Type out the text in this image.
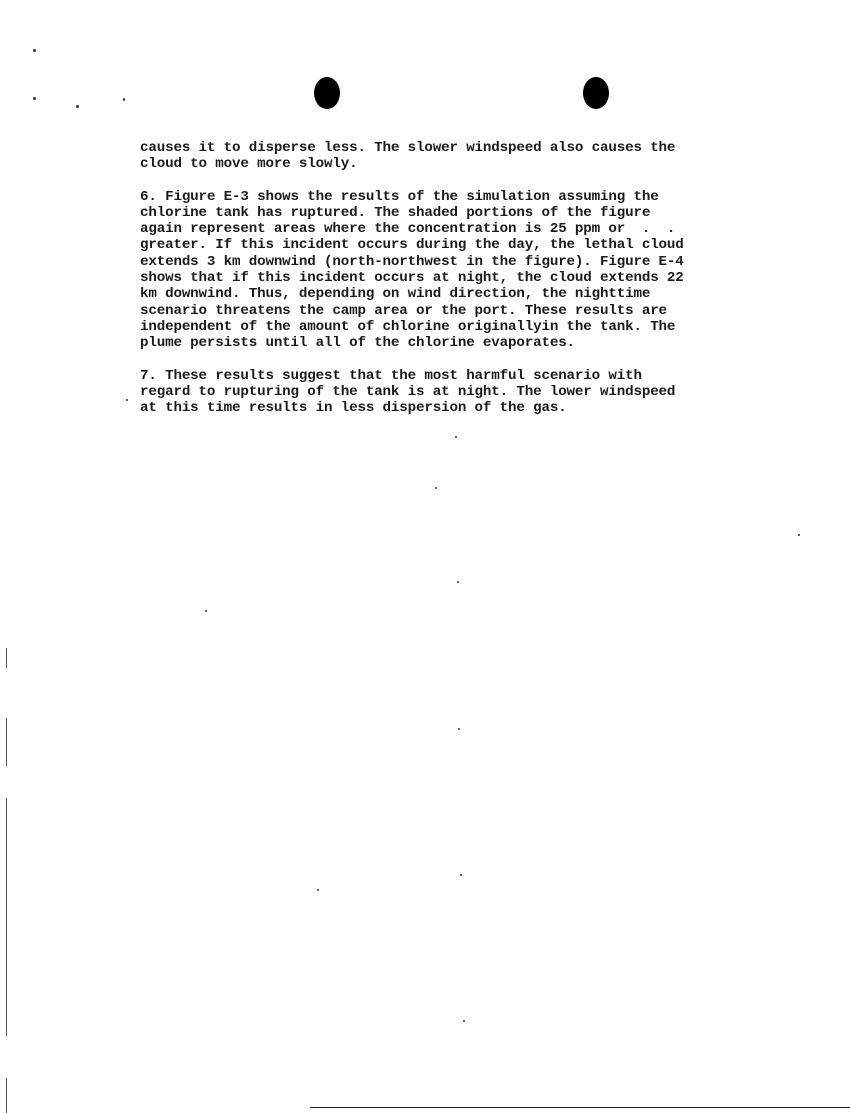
causes it to disperse less. The slower windspeed also causes the
cloud to move more slowly.

6. Figure E-3 shows the results of the simulation assuming the
chlorine tank has ruptured. The shaded portions of the figure
again represent areas where the concentration is 25 ppm or  .  .
greater. If this incident occurs during the day, the lethal cloud
extends 3 km downwind (north-northwest in the figure). Figure E-4
shows that if this incident occurs at night, the cloud extends 22
km downwind. Thus, depending on wind direction, the nighttime
scenario threatens the camp area or the port. These results are
independent of the amount of chlorine originallyin the tank. The
plume persists until all of the chlorine evaporates.

7. These results suggest that the most harmful scenario with
regard to rupturing of the tank is at night. The lower windspeed
at this time results in less dispersion of the gas.
